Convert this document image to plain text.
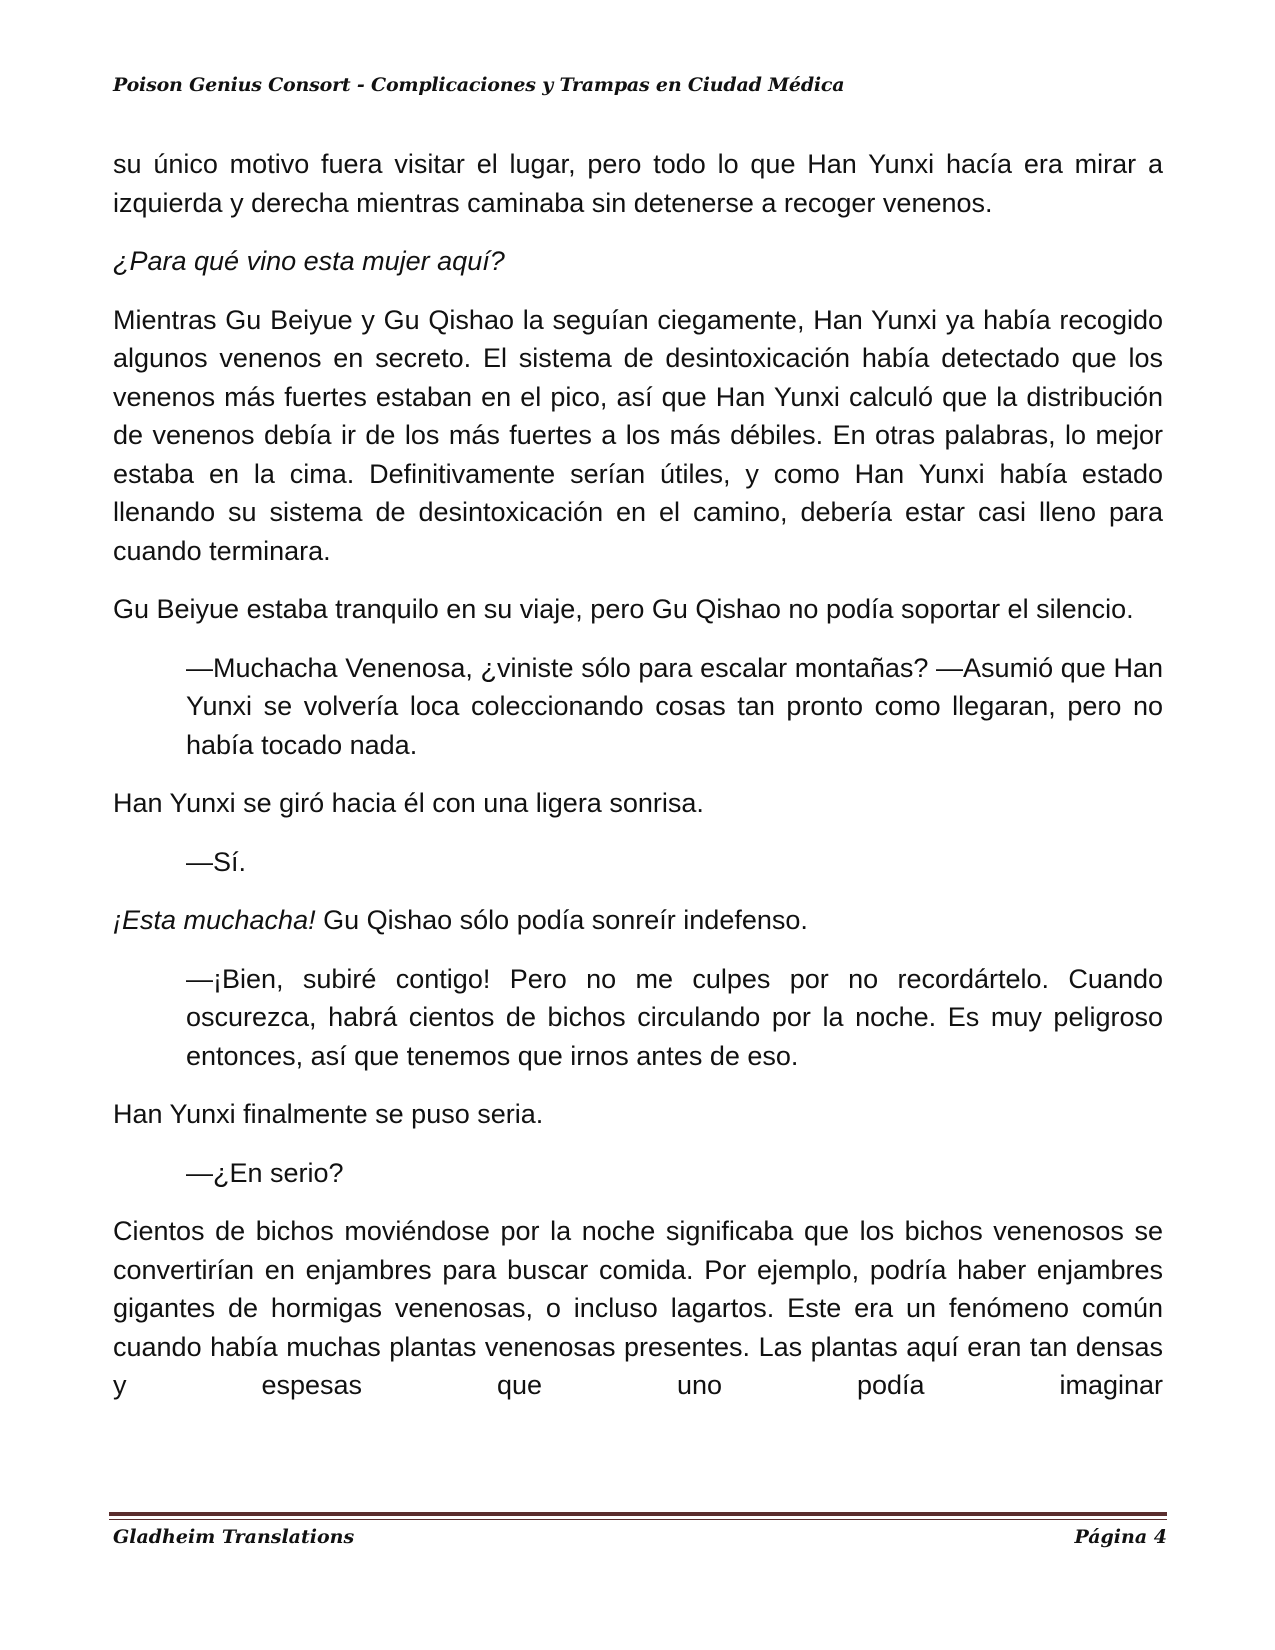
Poison Genius Consort - Complicaciones y Trampas en Ciudad Médica

su único motivo fuera visitar el lugar, pero todo lo que Han Yunxi hacía era mirar a izquierda y derecha mientras caminaba sin detenerse a recoger venenos.

¿Para qué vino esta mujer aquí?

Mientras Gu Beiyue y Gu Qishao la seguían ciegamente, Han Yunxi ya había recogido algunos venenos en secreto. El sistema de desintoxicación había detectado que los venenos más fuertes estaban en el pico, así que Han Yunxi calculó que la distribución de venenos debía ir de los más fuertes a los más débiles. En otras palabras, lo mejor estaba en la cima. Definitivamente serían útiles, y como Han Yunxi había estado llenando su sistema de desintoxicación en el camino, debería estar casi lleno para cuando terminara.

Gu Beiyue estaba tranquilo en su viaje, pero Gu Qishao no podía soportar el silencio.

—Muchacha Venenosa, ¿viniste sólo para escalar montañas? —Asumió que Han Yunxi se volvería loca coleccionando cosas tan pronto como llegaran, pero no había tocado nada.

Han Yunxi se giró hacia él con una ligera sonrisa.

—Sí.

¡Esta muchacha! Gu Qishao sólo podía sonreír indefenso.

—¡Bien, subiré contigo! Pero no me culpes por no recordártelo. Cuando oscurezca, habrá cientos de bichos circulando por la noche. Es muy peligroso entonces, así que tenemos que irnos antes de eso.

Han Yunxi finalmente se puso seria.

—¿En serio?

Cientos de bichos moviéndose por la noche significaba que los bichos venenosos se convertirían en enjambres para buscar comida. Por ejemplo, podría haber enjambres gigantes de hormigas venenosas, o incluso lagartos. Este era un fenómeno común cuando había muchas plantas venenosas presentes. Las plantas aquí eran tan densas y espesas que uno podía imaginar

Gladheim Translations	Página 4
